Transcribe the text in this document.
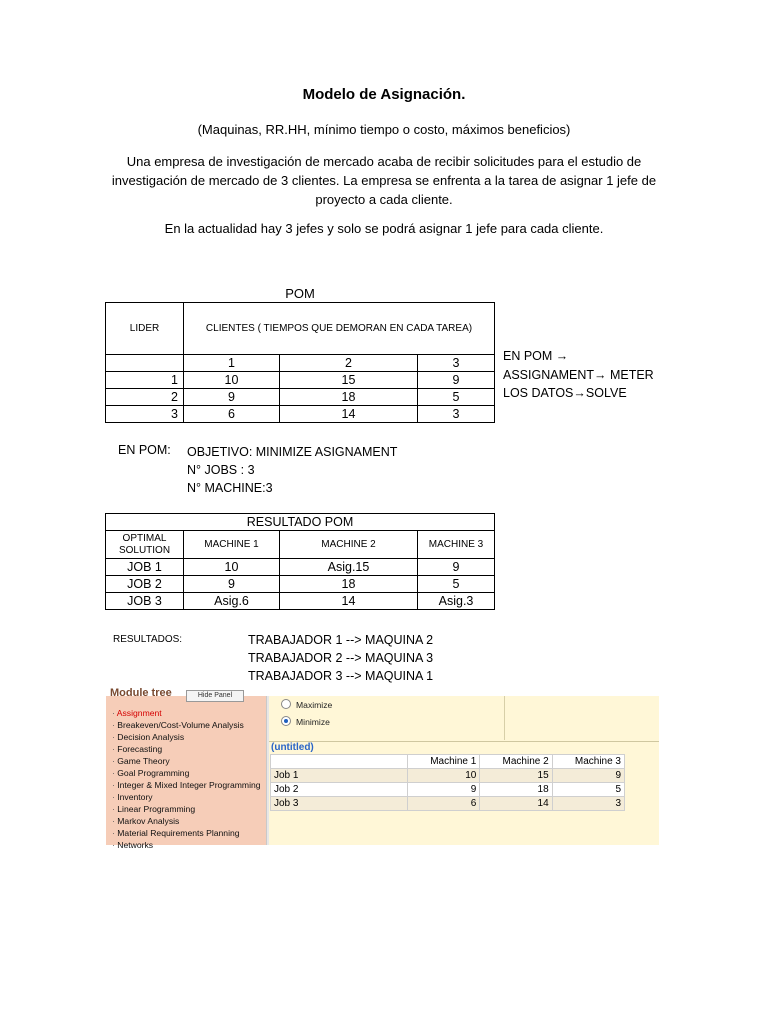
Modelo de Asignación.
(Maquinas, RR.HH, mínimo tiempo o costo, máximos beneficios)
Una empresa de investigación de mercado acaba de recibir solicitudes para el estudio de investigación de mercado de 3 clientes. La empresa se enfrenta a la tarea de asignar 1 jefe de proyecto a cada cliente.
En la actualidad hay 3 jefes y solo se podrá asignar 1 jefe para cada cliente.
POM
LIDER	CLIENTES ( TIEMPOS QUE DEMORAN EN CADA TAREA)		
	1	2	3
1	10	15	9
2	9	18	5
3	6	14	3
EN POM →
ASSIGNAMENT→ METER
LOS DATOS→SOLVE
EN POM: OBJETIVO: MINIMIZE ASIGNAMENT
N° JOBS : 3
N° MACHINE:3
RESULTADO POM			

OPTIMAL
SOLUTION	MACHINE 1	MACHINE 2	MACHINE 3
JOB 1	10	Asig.15	9
JOB 2	9	18	5
JOB 3	Asig.6	14	Asig.3
RESULTADOS:	TRABAJADOR 1 --> MAQUINA 2
TRABAJADOR 2 --> MAQUINA 3
TRABAJADOR 3 --> MAQUINA 1
Module tree	Hide Panel
· Assignment
· Breakeven/Cost-Volume Analysis
· Decision Analysis
· Forecasting
· Game Theory
· Goal Programming
· Integer & Mixed Integer Programming
· Inventory
· Linear Programming
· Markov Analysis
· Material Requirements Planning
· Networks
Maximize
Minimize
(untitled)
	Machine 1	Machine 2	Machine 3
Job 1	10	15	9
Job 2	9	18	5
Job 3	6	14	3
